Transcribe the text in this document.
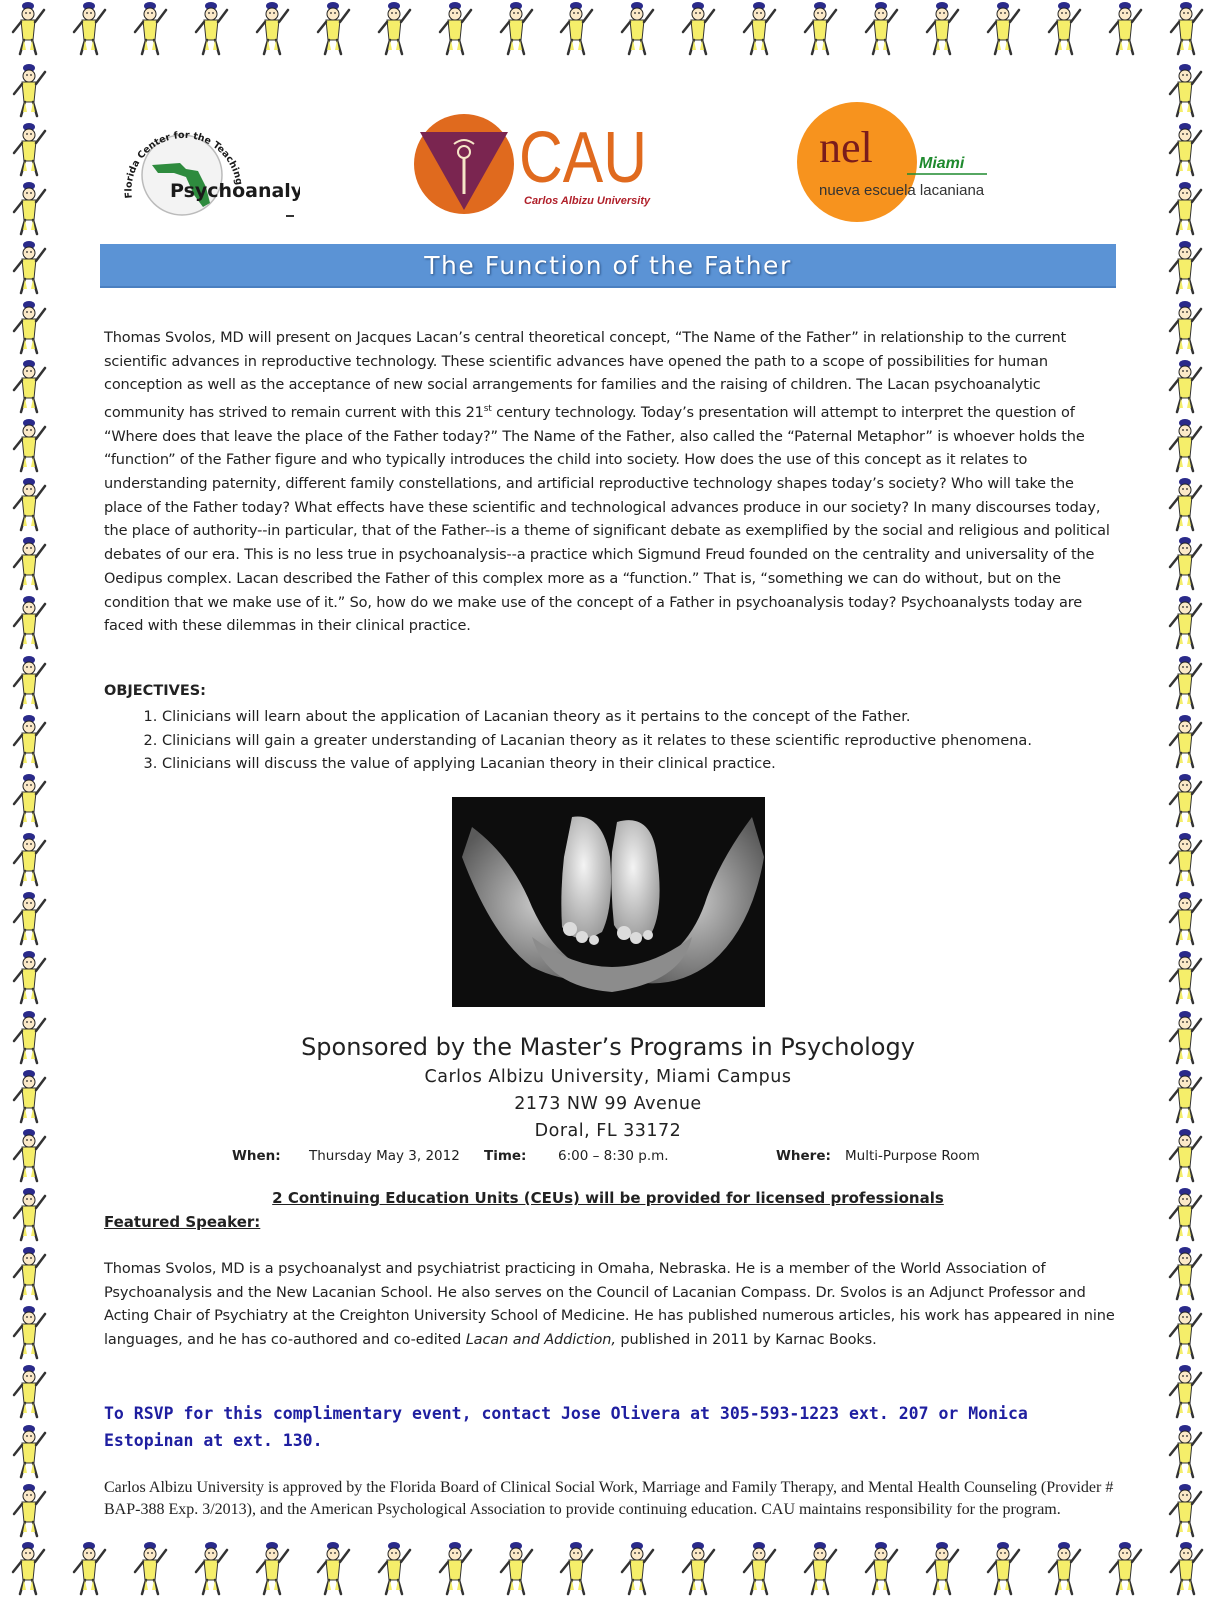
Florida Center for the Teaching
Psychoanaly	CAU
Carlos Albizu University
nel	Miami
nueva escuela lacaniana
The Function of the Father

Thomas Svolos, MD will present on Jacques Lacan’s central theoretical concept, “The Name of the Father” in relationship to the current scientific advances in reproductive technology. These scientific advances have opened the path to a scope of possibilities for human conception as well as the acceptance of new social arrangements for families and the raising of children. The Lacan psychoanalytic community has strived to remain current with this 21st century technology. Today’s presentation will attempt to interpret the question of “Where does that leave the place of the Father today?” The Name of the Father, also called the “Paternal Metaphor” is whoever holds the “function” of the Father figure and who typically introduces the child into society. How does the use of this concept as it relates to understanding paternity, different family constellations, and artificial reproductive technology shapes today’s society? Who will take the place of the Father today? What effects have these scientific and technological advances produce in our society? In many discourses today, the place of authority--in particular, that of the Father--is a theme of significant debate as exemplified by the social and religious and political debates of our era. This is no less true in psychoanalysis--a practice which Sigmund Freud founded on the centrality and universality of the Oedipus complex. Lacan described the Father of this complex more as a “function.” That is, “something we can do without, but on the condition that we make use of it.” So, how do we make use of the concept of a Father in psychoanalysis today? Psychoanalysts today are faced with these dilemmas in their clinical practice.

OBJECTIVES:

1. Clinicians will learn about the application of Lacanian theory as it pertains to the concept of the Father.
2. Clinicians will gain a greater understanding of Lacanian theory as it relates to these scientific reproductive phenomena.
3. Clinicians will discuss the value of applying Lacanian theory in their clinical practice.

Sponsored by the Master’s Programs in Psychology

Carlos Albizu University, Miami Campus

2173 NW 99 Avenue

Doral, FL 33172

When: Thursday May 3, 2012 Time: 6:00 – 8:30 p.m.	Where: Multi-Purpose Room

2 Continuing Education Units (CEUs) will be provided for licensed professionals

Featured Speaker:

Thomas Svolos, MD is a psychoanalyst and psychiatrist practicing in Omaha, Nebraska. He is a member of the World Association of Psychoanalysis and the New Lacanian School. He also serves on the Council of Lacanian Compass. Dr. Svolos is an Adjunct Professor and Acting Chair of Psychiatry at the Creighton University School of Medicine. He has published numerous articles, his work has appeared in nine languages, and he has co-authored and co-edited Lacan and Addiction, published in 2011 by Karnac Books.

To RSVP for this complimentary event, contact Jose Olivera at 305-593-1223 ext. 207 or Monica Estopinan at ext. 130.

Carlos Albizu University is approved by the Florida Board of Clinical Social Work, Marriage and Family Therapy, and Mental Health Counseling (Provider # BAP-388 Exp. 3/2013), and the American Psychological Association to provide continuing education. CAU maintains responsibility for the program.
